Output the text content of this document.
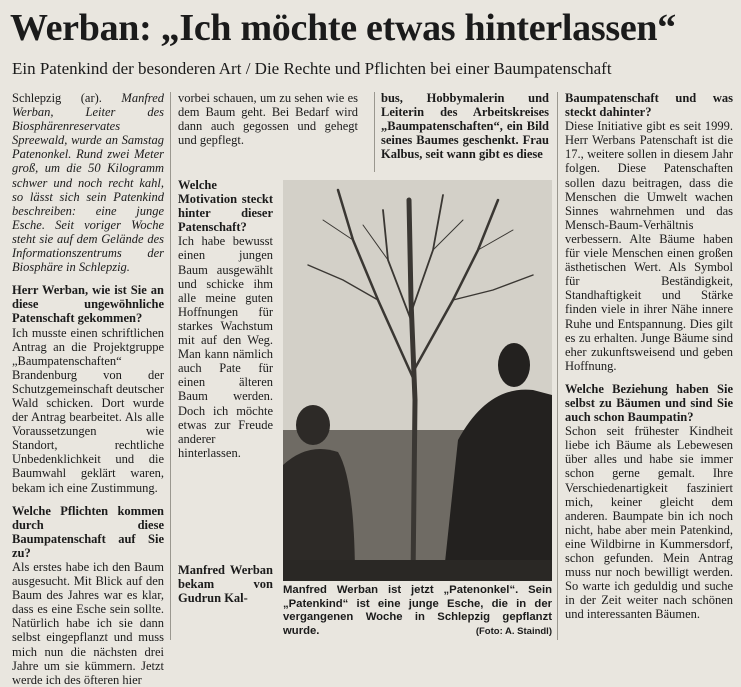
Werban: „Ich möchte etwas hinterlassen“
Ein Patenkind der besonderen Art / Die Rechte und Pflichten bei einer Baumpatenschaft

Schlepzig (ar). Manfred Werban, Leiter des Biosphärenreservates Spreewald, wurde an Samstag Patenonkel. Rund zwei Meter groß, um die 50 Kilogramm schwer und noch recht kahl, so lässt sich sein Patenkind beschreiben: eine junge Esche. Seit voriger Woche steht sie auf dem Gelände des Informationszentrums der Biosphäre in Schlepzig.

Herr Werban, wie ist Sie an diese ungewöhnliche Patenschaft gekommen?

Ich musste einen schriftlichen Antrag an die Projektgruppe „Baumpatenschaften“ Brandenburg von der Schutzgemeinschaft deutscher Wald schicken. Dort wurde der Antrag bearbeitet. Als alle Voraussetzungen wie Standort, rechtliche Unbedenklichkeit und die Baumwahl geklärt waren, bekam ich eine Zustimmung.

Welche Pflichten kommen durch diese Baumpatenschaft auf Sie zu?

Als erstes habe ich den Baum ausgesucht. Mit Blick auf den Baum des Jahres war es klar, dass es eine Esche sein sollte. Natürlich habe ich sie dann selbst eingepflanzt und muss mich nun die nächsten drei Jahre um sie kümmern. Jetzt werde ich des öfteren hier

vorbei schauen, um zu sehen wie es dem Baum geht. Bei Bedarf wird dann auch gegossen und gehegt und gepflegt.

Welche Motivation steckt hinter dieser Patenschaft?

Ich habe bewusst einen jungen Baum ausgewählt und schicke ihm alle meine guten Hoffnungen für starkes Wachstum mit auf den Weg. Man kann nämlich auch Pate für einen älteren Baum werden. Doch ich möchte etwas zur Freude anderer hinterlassen.

Manfred Werban bekam von Gudrun Kal-

bus, Hobbymalerin und Leiterin des Arbeitskreises „Baumpatenschaften“, ein Bild seines Baumes geschenkt. Frau Kalbus, seit wann gibt es diese

Baumpatenschaft und was steckt dahinter?

Diese Initiative gibt es seit 1999. Herr Werbans Patenschaft ist die 17., weitere sollen in diesem Jahr folgen. Diese Patenschaften sollen dazu beitragen, dass die Menschen die Umwelt wachen Sinnes wahrnehmen und das Mensch-Baum-Verhältnis verbessern. Alte Bäume haben für viele Menschen einen großen ästhetischen Wert. Als Symbol für Beständigkeit, Standhaftigkeit und Stärke finden viele in ihrer Nähe innere Ruhe und Entspannung. Dies gilt es zu erhalten. Junge Bäume sind eher zukunftsweisend und geben Hoffnung.

Welche Beziehung haben Sie selbst zu Bäumen und sind Sie auch schon Baumpatin?

Schon seit frühester Kindheit liebe ich Bäume als Lebewesen über alles und habe sie immer schon gerne gemalt. Ihre Verschiedenartigkeit fasziniert mich, keiner gleicht dem anderen. Baumpate bin ich noch nicht, habe aber mein Patenkind, eine Wildbirne in Kummersdorf, schon gefunden. Mein Antrag muss nur noch bewilligt werden. So warte ich geduldig und suche in der Zeit weiter nach schönen und interessanten Bäumen.

Manfred Werban ist jetzt „Patenonkel“. Sein „Patenkind“ ist eine junge Esche, die in der vergangenen Woche in Schlepzig gepflanzt wurde.	(Foto: A. Staindl)
